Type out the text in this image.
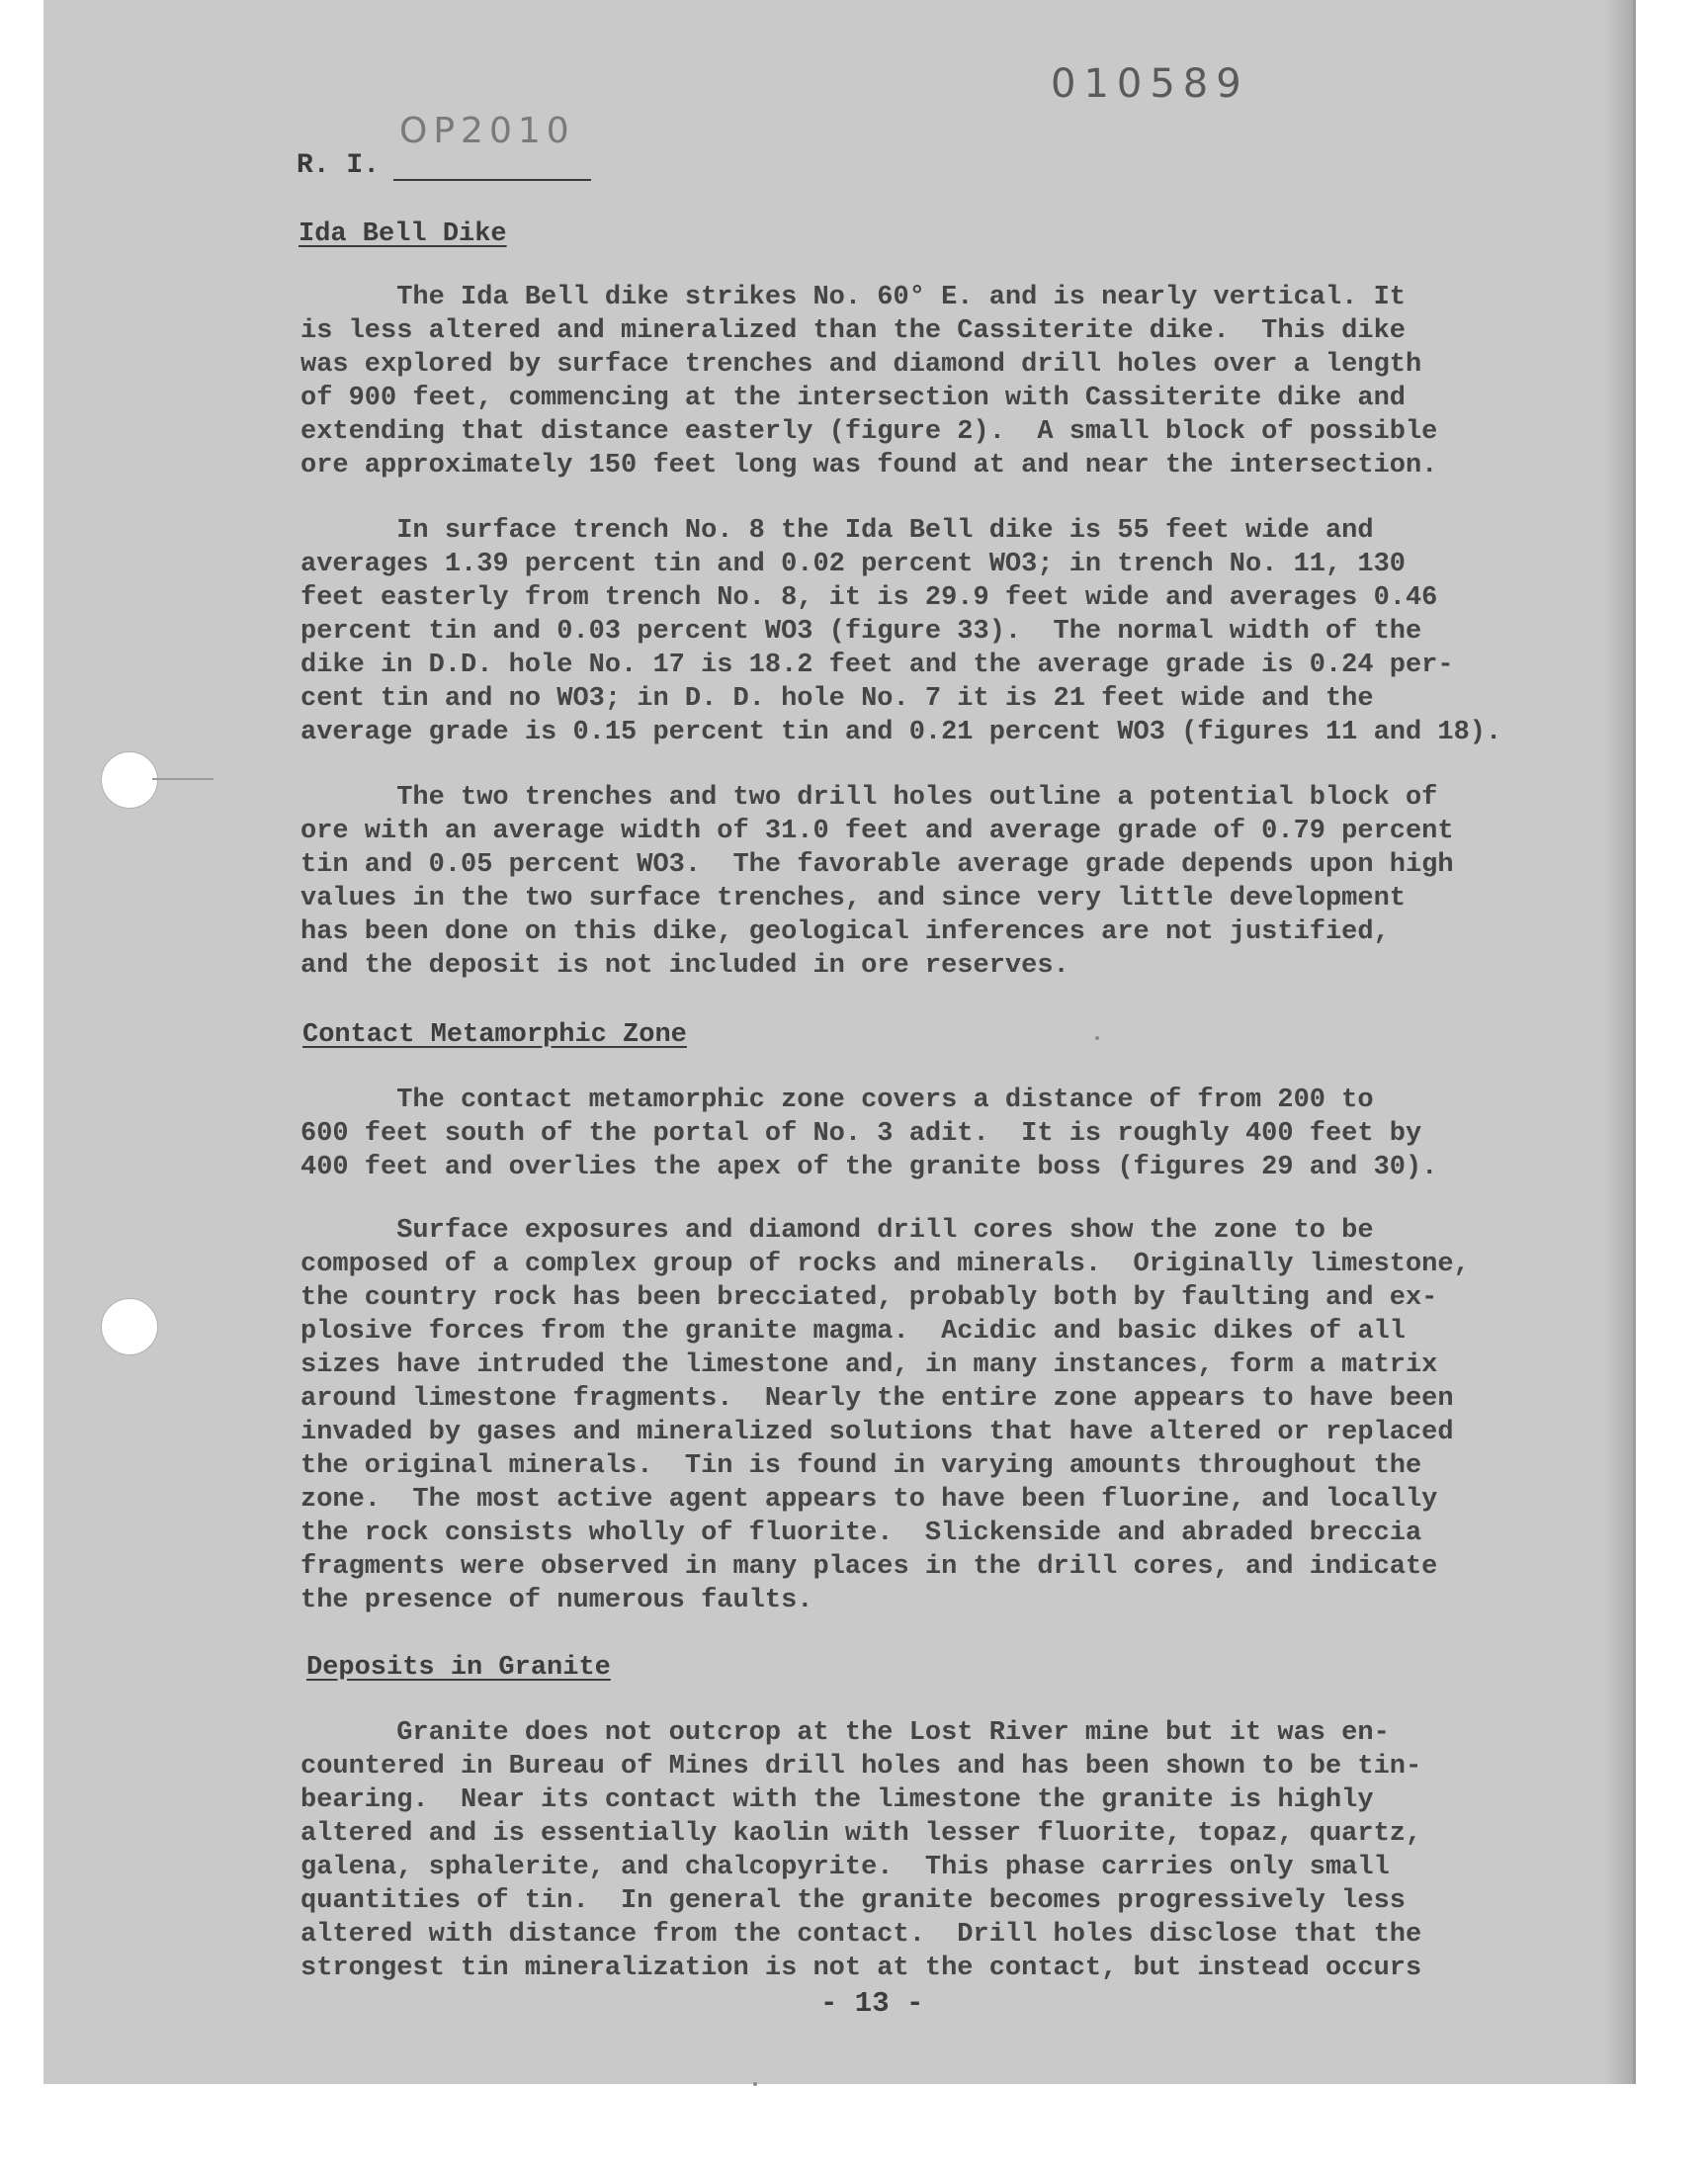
010589
OP2010
R. I.
Ida Bell Dike
The Ida Bell dike strikes No. 60° E. and is nearly vertical. It
is less altered and mineralized than the Cassiterite dike.  This dike
was explored by surface trenches and diamond drill holes over a length
of 900 feet, commencing at the intersection with Cassiterite dike and
extending that distance easterly (figure 2).  A small block of possible
ore approximately 150 feet long was found at and near the intersection.
In surface trench No. 8 the Ida Bell dike is 55 feet wide and
averages 1.39 percent tin and 0.02 percent WO3; in trench No. 11, 130
feet easterly from trench No. 8, it is 29.9 feet wide and averages 0.46
percent tin and 0.03 percent WO3 (figure 33).  The normal width of the
dike in D.D. hole No. 17 is 18.2 feet and the average grade is 0.24 per-
cent tin and no WO3; in D. D. hole No. 7 it is 21 feet wide and the
average grade is 0.15 percent tin and 0.21 percent WO3 (figures 11 and 18).
The two trenches and two drill holes outline a potential block of
ore with an average width of 31.0 feet and average grade of 0.79 percent
tin and 0.05 percent WO3.  The favorable average grade depends upon high
values in the two surface trenches, and since very little development
has been done on this dike, geological inferences are not justified,
and the deposit is not included in ore reserves.
Contact Metamorphic Zone
The contact metamorphic zone covers a distance of from 200 to
600 feet south of the portal of No. 3 adit.  It is roughly 400 feet by
400 feet and overlies the apex of the granite boss (figures 29 and 30).
Surface exposures and diamond drill cores show the zone to be
composed of a complex group of rocks and minerals.  Originally limestone,
the country rock has been brecciated, probably both by faulting and ex-
plosive forces from the granite magma.  Acidic and basic dikes of all
sizes have intruded the limestone and, in many instances, form a matrix
around limestone fragments.  Nearly the entire zone appears to have been
invaded by gases and mineralized solutions that have altered or replaced
the original minerals.  Tin is found in varying amounts throughout the
zone.  The most active agent appears to have been fluorine, and locally
the rock consists wholly of fluorite.  Slickenside and abraded breccia
fragments were observed in many places in the drill cores, and indicate
the presence of numerous faults.
Deposits in Granite
Granite does not outcrop at the Lost River mine but it was en-
countered in Bureau of Mines drill holes and has been shown to be tin-
bearing.  Near its contact with the limestone the granite is highly
altered and is essentially kaolin with lesser fluorite, topaz, quartz,
galena, sphalerite, and chalcopyrite.  This phase carries only small
quantities of tin.  In general the granite becomes progressively less
altered with distance from the contact.  Drill holes disclose that the
strongest tin mineralization is not at the contact, but instead occurs
- 13 -
